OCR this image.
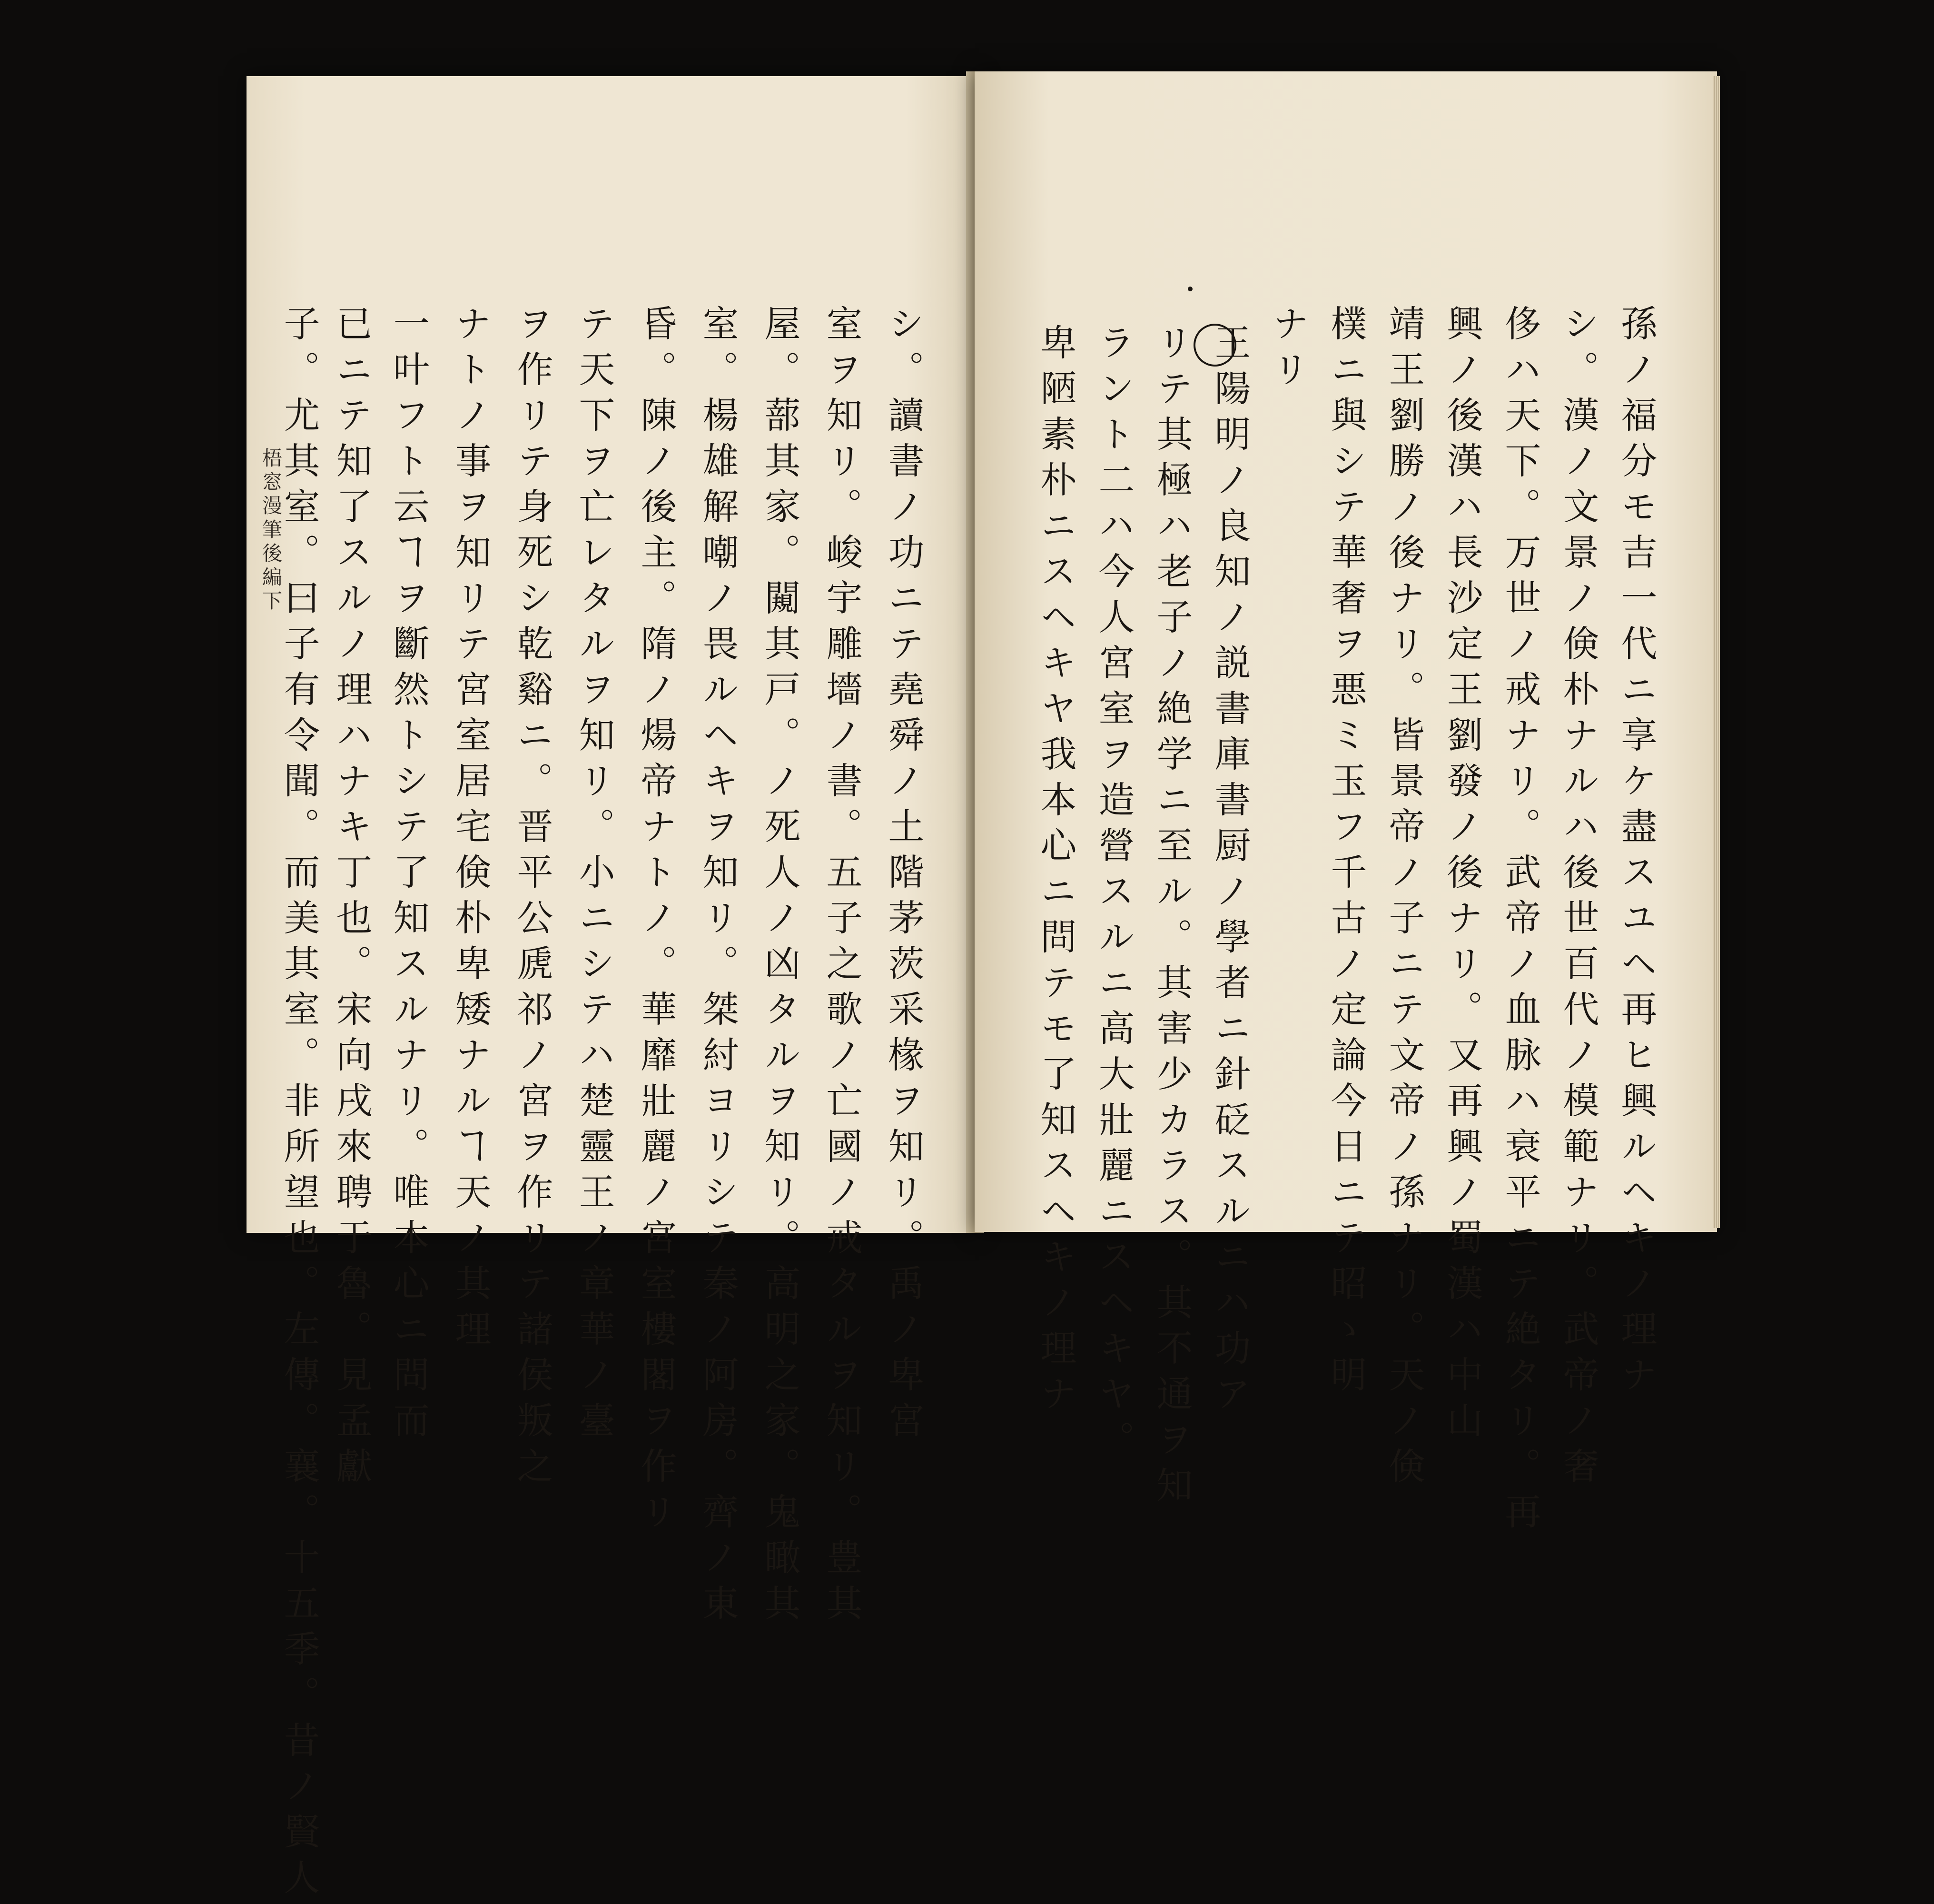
梧窓漫筆後編下	孫ノ福分モ吉一代ニ享ケ盡スユヘ再ヒ興ルヘキノ理ナ
シ。漢ノ文景ノ倹朴ナルハ後世百代ノ模範ナリ。武帝ノ奢
侈ハ天下。万世ノ戒ナリ。武帝ノ血脉ハ衰平ニテ絶タリ。再
興ノ後漢ハ長沙定王劉發ノ後ナリ。又再興ノ蜀漢ハ中山
靖王劉勝ノ後ナリ。皆景帝ノ子ニテ文帝ノ孫ナリ。天ノ倹
樸ニ與シテ華奢ヲ悪ミ玉フ千古ノ定論今日ニテ昭ゝ明
ナリ
王陽明ノ良知ノ説書庫書厨ノ學者ニ針砭スルニハ功ア
リテ其極ハ老子ノ絶学ニ至ル。其害少カラス。其不通ヲ知
ラント二ハ今人宮室ヲ造營スルニ高大壯麗ニスヘキヤ。
シ。讀書ノ功ニテ堯舜ノ土階茅茨采椽ヲ知リ。禹ノ卑宮
室ヲ知リ。峻宇雕墻ノ書。五子之歌ノ亡國ノ戒タルヲ知リ。豊其
屋。蔀其家。闚其戸。ノ死人ノ凶タルヲ知リ。高明之家。鬼瞰其
室。楊雄解嘲ノ畏ルヘキヲ知リ。桀紂ヨリシテ秦ノ阿房。齊ノ東
昏。陳ノ後主。隋ノ煬帝ナトノ。華靡壯麗ノ宮室樓閣ヲ作リ
テ天下ヲ亡レタルヲ知リ。小ニシテハ楚靈王ノ章華ノ臺
ヲ作リテ身死シ乾谿ニ。晋平公虒祁ノ宮ヲ作リテ諸侯叛之
ナトノ事ヲ知リテ宮室居宅倹朴卑矮ナルヿ天ノ其理
一叶フト云ヿヲ斷然トシテ了知スルナリ。唯本心ニ問而
已ニテ知了スルノ理ハナキ丁也。宋向戌來聘于魯。見孟獻
子。尤其室。曰子有令聞。而美其室。非所望也。左傳。襄。十五季。昔ノ賢人	卑陋素朴ニスヘキヤ我本心ニ問テモ了知スヘキノ理ナ
